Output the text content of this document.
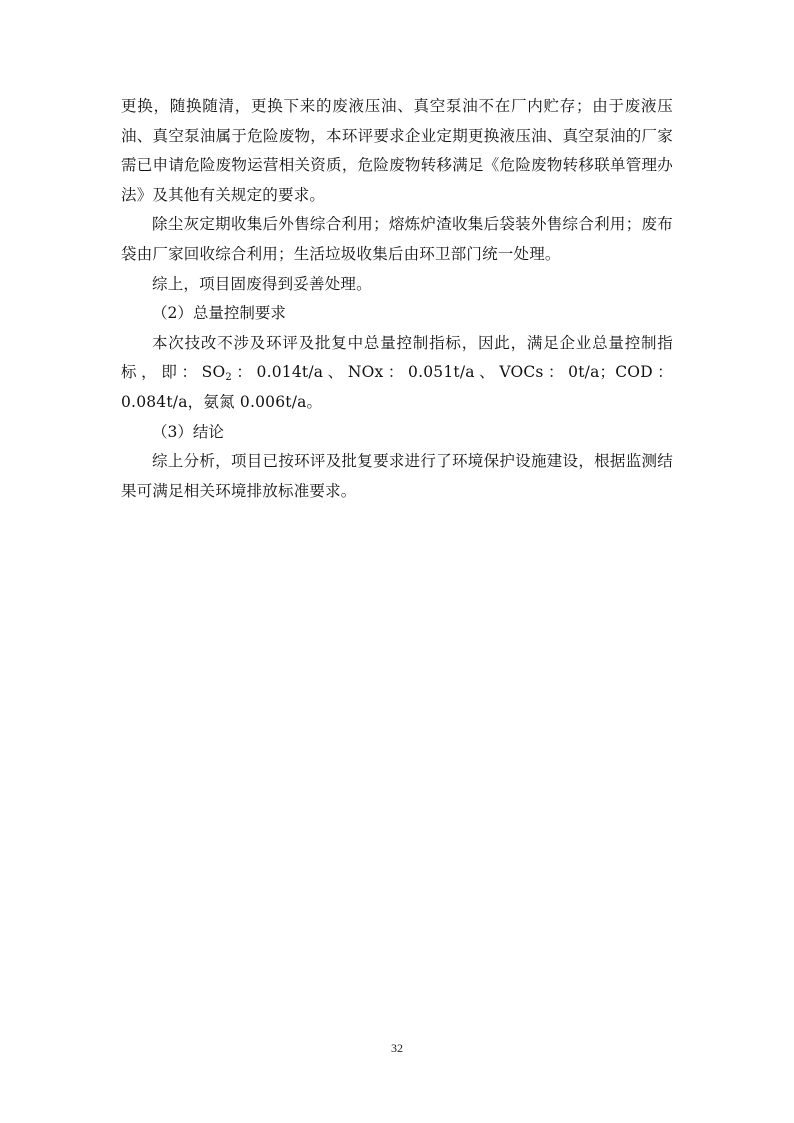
更换，随换随清，更换下来的废液压油、真空泵油不在厂内贮存；由于废液压油、真空泵油属于危险废物，本环评要求企业定期更换液压油、真空泵油的厂家需已申请危险废物运营相关资质，危险废物转移满足《危险废物转移联单管理办法》及其他有关规定的要求。

除尘灰定期收集后外售综合利用；熔炼炉渣收集后袋装外售综合利用；废布袋由厂家回收综合利用；生活垃圾收集后由环卫部门统一处理。

综上，项目固废得到妥善处理。

（2）总量控制要求

本次技改不涉及环评及批复中总量控制指标，因此，满足企业总量控制指标，即：$SO_2$：0.014t/a、NOx：0.051t/a、VOCs：0t/a；COD：0.084t/a，氨氮 0.006t/a。

（3）结论

综上分析，项目已按环评及批复要求进行了环境保护设施建设，根据监测结果可满足相关环境排放标准要求。

32
